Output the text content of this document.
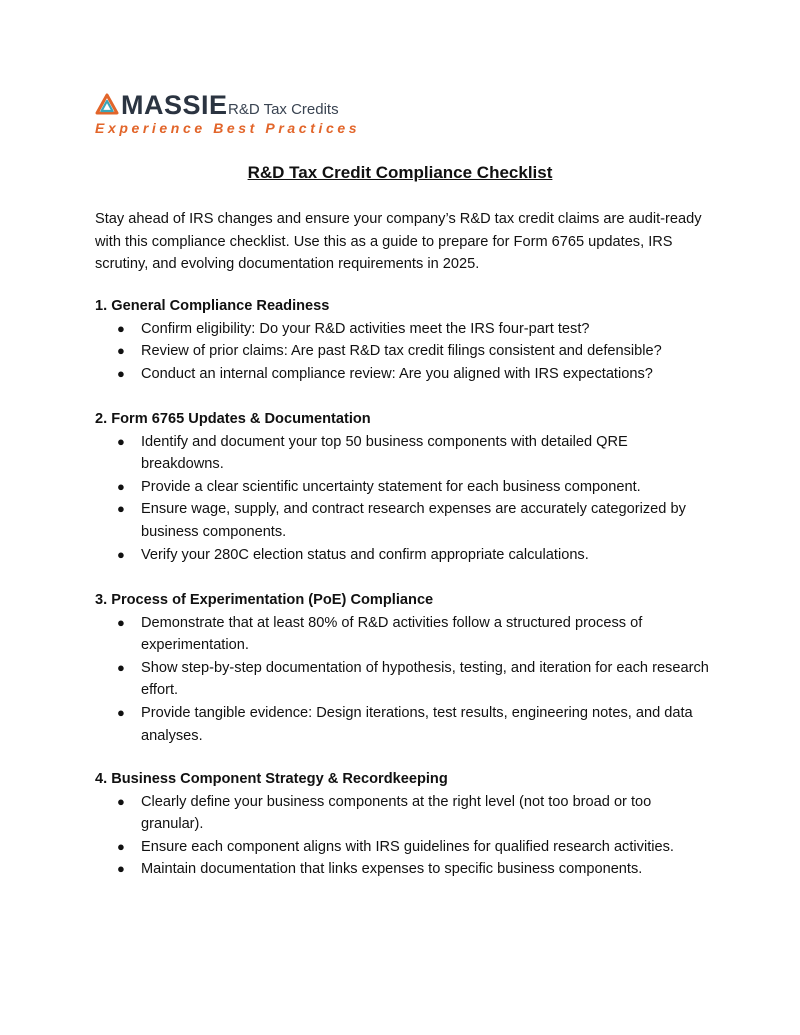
MASSIE R&D Tax Credits
Experience Best Practices
R&D Tax Credit Compliance Checklist
Stay ahead of IRS changes and ensure your company’s R&D tax credit claims are audit-ready with this compliance checklist. Use this as a guide to prepare for Form 6765 updates, IRS scrutiny, and evolving documentation requirements in 2025.
1. General Compliance Readiness
● Confirm eligibility: Do your R&D activities meet the IRS four-part test?
● Review of prior claims: Are past R&D tax credit filings consistent and defensible?
● Conduct an internal compliance review: Are you aligned with IRS expectations?
2. Form 6765 Updates & Documentation
● Identify and document your top 50 business components with detailed QRE breakdowns.
● Provide a clear scientific uncertainty statement for each business component.
● Ensure wage, supply, and contract research expenses are accurately categorized by business components.
● Verify your 280C election status and confirm appropriate calculations.
3. Process of Experimentation (PoE) Compliance
● Demonstrate that at least 80% of R&D activities follow a structured process of experimentation.
● Show step-by-step documentation of hypothesis, testing, and iteration for each research effort.
● Provide tangible evidence: Design iterations, test results, engineering notes, and data analyses.
4. Business Component Strategy & Recordkeeping
● Clearly define your business components at the right level (not too broad or too granular).
● Ensure each component aligns with IRS guidelines for qualified research activities.
● Maintain documentation that links expenses to specific business components.
